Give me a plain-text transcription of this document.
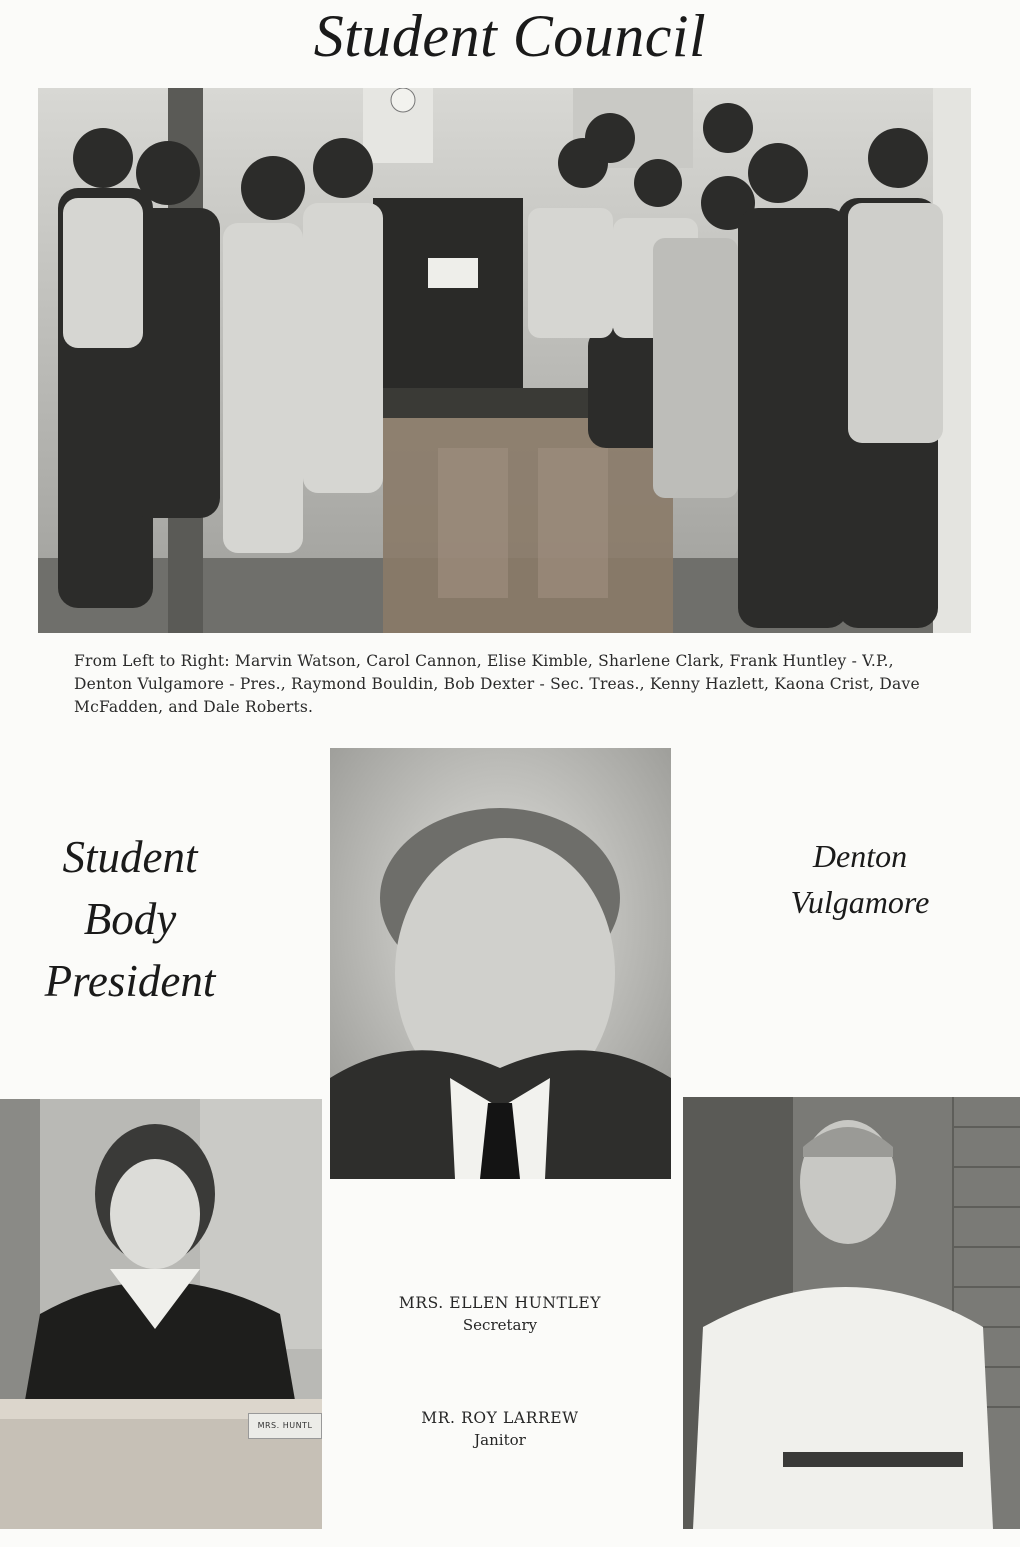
Student Council
From Left to Right: Marvin Watson, Carol Cannon, Elise Kimble, Sharlene Clark, Frank Huntley - V.P., Denton Vulgamore - Pres., Raymond Bouldin, Bob Dexter - Sec. Treas., Kenny Hazlett, Kaona Crist, Dave McFadden, and Dale Roberts.
Student
Body
President
Denton
Vulgamore
MRS. HUNTL
MRS. ELLEN HUNTLEY
Secretary
MR. ROY LARREW
Janitor
